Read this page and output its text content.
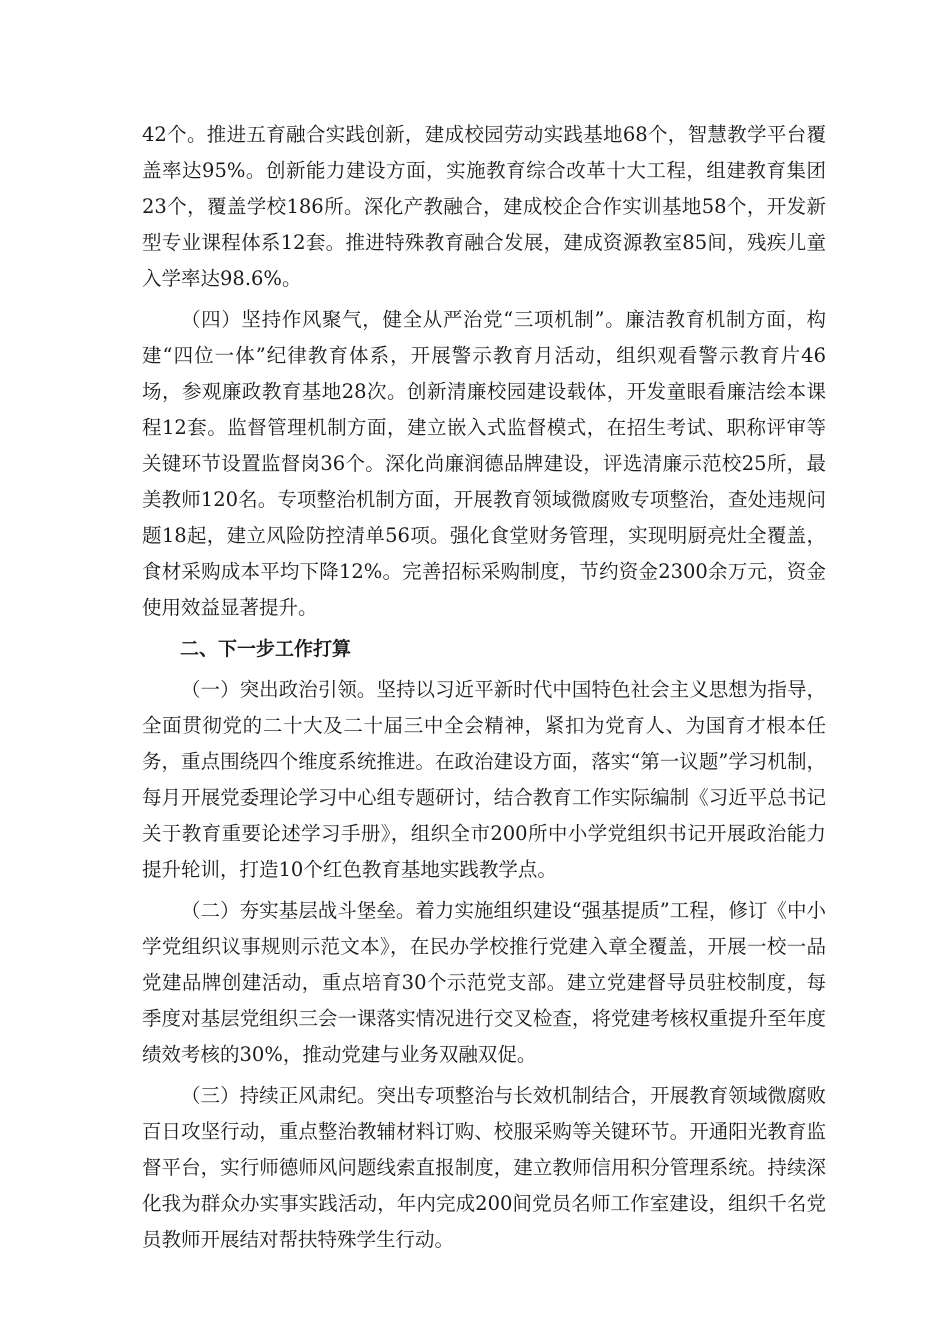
42个。推进五育融合实践创新，建成校园劳动实践基地68个，智慧教学平台覆盖率达95%。创新能力建设方面，实施教育综合改革十大工程，组建教育集团23个，覆盖学校186所。深化产教融合，建成校企合作实训基地58个，开发新型专业课程体系12套。推进特殊教育融合发展，建成资源教室85间，残疾儿童入学率达98.6%。

（四）坚持作风聚气，健全从严治党“三项机制”。廉洁教育机制方面，构建“四位一体”纪律教育体系，开展警示教育月活动，组织观看警示教育片46场，参观廉政教育基地28次。创新清廉校园建设载体，开发童眼看廉洁绘本课程12套。监督管理机制方面，建立嵌入式监督模式，在招生考试、职称评审等关键环节设置监督岗36个。深化尚廉润德品牌建设，评选清廉示范校25所，最美教师120名。专项整治机制方面，开展教育领域微腐败专项整治，查处违规问题18起，建立风险防控清单56项。强化食堂财务管理，实现明厨亮灶全覆盖，食材采购成本平均下降12%。完善招标采购制度，节约资金2300余万元，资金使用效益显著提升。

二、下一步工作打算

（一）突出政治引领。坚持以习近平新时代中国特色社会主义思想为指导，全面贯彻党的二十大及二十届三中全会精神，紧扣为党育人、为国育才根本任务，重点围绕四个维度系统推进。在政治建设方面，落实“第一议题”学习机制，每月开展党委理论学习中心组专题研讨，结合教育工作实际编制《习近平总书记关于教育重要论述学习手册》，组织全市200所中小学党组织书记开展政治能力提升轮训，打造10个红色教育基地实践教学点。

（二）夯实基层战斗堡垒。着力实施组织建设“强基提质”工程，修订《中小学党组织议事规则示范文本》，在民办学校推行党建入章全覆盖，开展一校一品党建品牌创建活动，重点培育30个示范党支部。建立党建督导员驻校制度，每季度对基层党组织三会一课落实情况进行交叉检查，将党建考核权重提升至年度绩效考核的30%，推动党建与业务双融双促。

（三）持续正风肃纪。突出专项整治与长效机制结合，开展教育领域微腐败百日攻坚行动，重点整治教辅材料订购、校服采购等关键环节。开通阳光教育监督平台，实行师德师风问题线索直报制度，建立教师信用积分管理系统。持续深化我为群众办实事实践活动，年内完成200间党员名师工作室建设，组织千名党员教师开展结对帮扶特殊学生行动。
